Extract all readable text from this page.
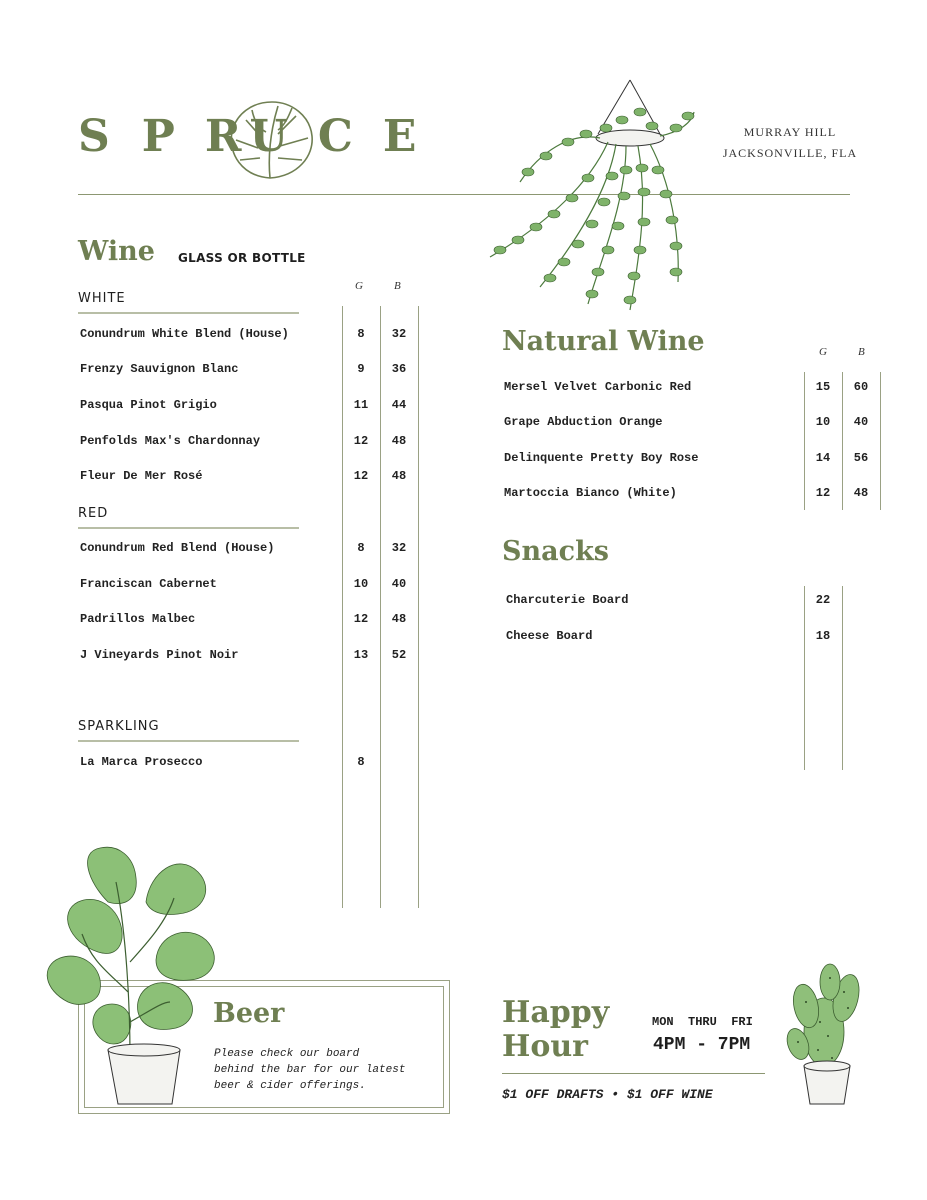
S P R U C E	MURRAY HILL
JACKSONVILLE, FLA
Wine GLASS OR BOTTLE
G	B
WHITE
Conundrum White Blend (House)	8	32
Frenzy Sauvignon Blanc	9	36
Pasqua Pinot Grigio	11	44
Penfolds Max's Chardonnay	12	48
Fleur De Mer Rosé	12	48
RED
Conundrum Red Blend (House)	8	32
Franciscan Cabernet	10	40
Padrillos Malbec	12	48
J Vineyards Pinot Noir	13	52
SPARKLING
La Marca Prosecco	8
Natural Wine	G	B
Mersel Velvet Carbonic Red	15	60
Grape Abduction Orange	10	40
Delinquente Pretty Boy Rose	14	56
Martoccia Bianco (White)	12	48
Snacks
Charcuterie Board	22
Cheese Board	18
Beer
Please check our board
behind the bar for our latest
beer & cider offerings.
Happy
Hour
MON  THRU  FRI
4PM - 7PM
$1 OFF DRAFTS • $1 OFF WINE
